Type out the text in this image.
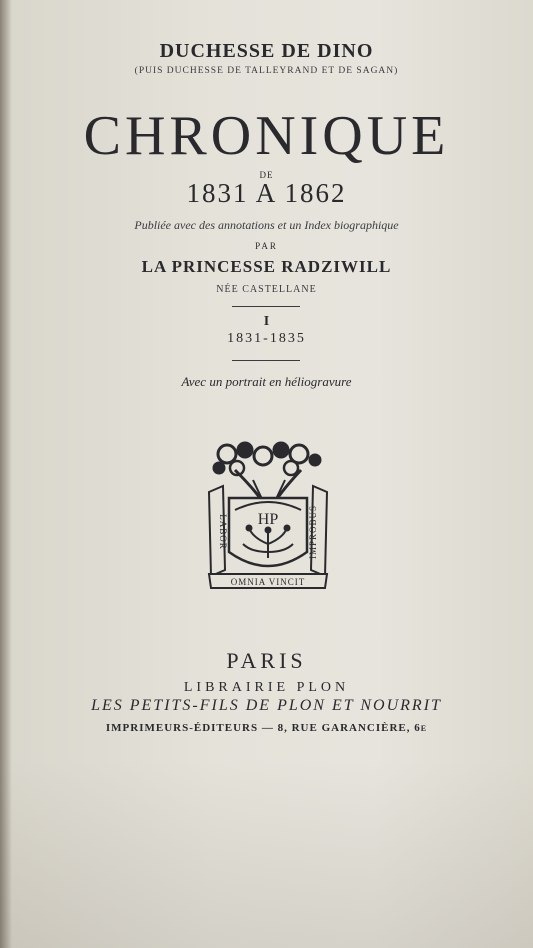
DUCHESSE DE DINO
(PUIS DUCHESSE DE TALLEYRAND ET DE SAGAN)
CHRONIQUE
DE
1831 A 1862
Publiée avec des annotations et un Index biographique
PAR
LA PRINCESSE RADZIWILL
NÉE CASTELLANE
I
1831-1835
Avec un portrait en héliogravure
HP
LABOR	IMPROBUS
OMNIA VINCIT
PARIS
LIBRAIRIE PLON
LES PETITS-FILS DE PLON ET NOURRIT
IMPRIMEURS-ÉDITEURS — 8, RUE GARANCIÈRE, 6e
